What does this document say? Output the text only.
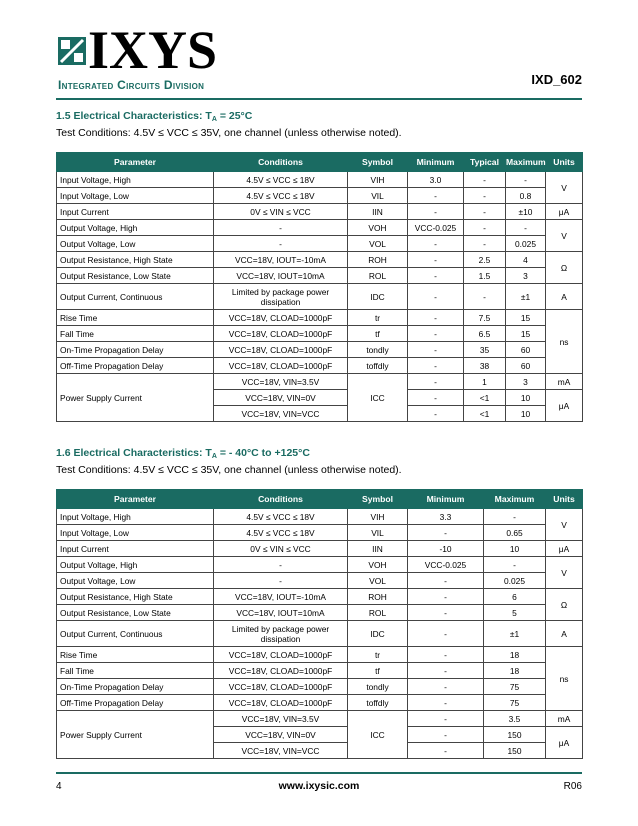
IXYS
Integrated Circuits Division	IXD_602
1.5 Electrical Characteristics: $T_A = 25^\circ C$
Test Conditions: 4.5V ≤ VCC ≤ 35V, one channel (unless otherwise noted).
Parameter	Conditions	Symbol	Minimum	Typical	Maximum	Units
Input Voltage, High	4.5V ≤ VCC ≤ 18V	VIH	3.0	-	-	V
Input Voltage, Low	4.5V ≤ VCC ≤ 18V	VIL	-	-	0.8	
Input Current	0V ≤ VIN ≤ VCC	IIN	-	-	±10	μA
Output Voltage, High	-	VOH	VCC-0.025	-	-	V
Output Voltage, Low	-	VOL	-	-	0.025	
Output Resistance, High State	VCC=18V, IOUT=-10mA	ROH	-	2.5	4	Ω
Output Resistance, Low State	VCC=18V, IOUT=10mA	ROL	-	1.5	3	
Output Current, Continuous	Limited by package power dissipation	IDC	-	-	±1	A
Rise Time	VCC=18V, CLOAD=1000pF	tr	-	7.5	15	ns
Fall Time	VCC=18V, CLOAD=1000pF	tf	-	6.5	15	
On-Time Propagation Delay	VCC=18V, CLOAD=1000pF	tondly	-	35	60	
Off-Time Propagation Delay	VCC=18V, CLOAD=1000pF	toffdly	-	38	60	
Power Supply Current	VCC=18V, VIN=3.5V	ICC	-	1	3	mA
	VCC=18V, VIN=0V		-	<1	10	μA
	VCC=18V, VIN=VCC		-	<1	10	
1.6 Electrical Characteristics: $T_A$ = - 40°C to +125°C
Test Conditions: 4.5V ≤ VCC ≤ 35V, one channel (unless otherwise noted).
Parameter	Conditions	Symbol	Minimum	Maximum	Units
Input Voltage, High	4.5V ≤ VCC ≤ 18V	VIH	3.3	-	V
Input Voltage, Low	4.5V ≤ VCC ≤ 18V	VIL	-	0.65	
Input Current	0V ≤ VIN ≤ VCC	IIN	-10	10	μA
Output Voltage, High	-	VOH	VCC-0.025	-	V
Output Voltage, Low	-	VOL	-	0.025	
Output Resistance, High State	VCC=18V, IOUT=-10mA	ROH	-	6	Ω
Output Resistance, Low State	VCC=18V, IOUT=10mA	ROL	-	5	
Output Current, Continuous	Limited by package power dissipation	IDC	-	±1	A
Rise Time	VCC=18V, CLOAD=1000pF	tr	-	18	ns
Fall Time	VCC=18V, CLOAD=1000pF	tf	-	18	
On-Time Propagation Delay	VCC=18V, CLOAD=1000pF	tondly	-	75	
Off-Time Propagation Delay	VCC=18V, CLOAD=1000pF	toffdly	-	75	
Power Supply Current	VCC=18V, VIN=3.5V	ICC	-	3.5	mA
	VCC=18V, VIN=0V		-	150	μA
	VCC=18V, VIN=VCC		-	150	
4	www.ixysic.com	R06
